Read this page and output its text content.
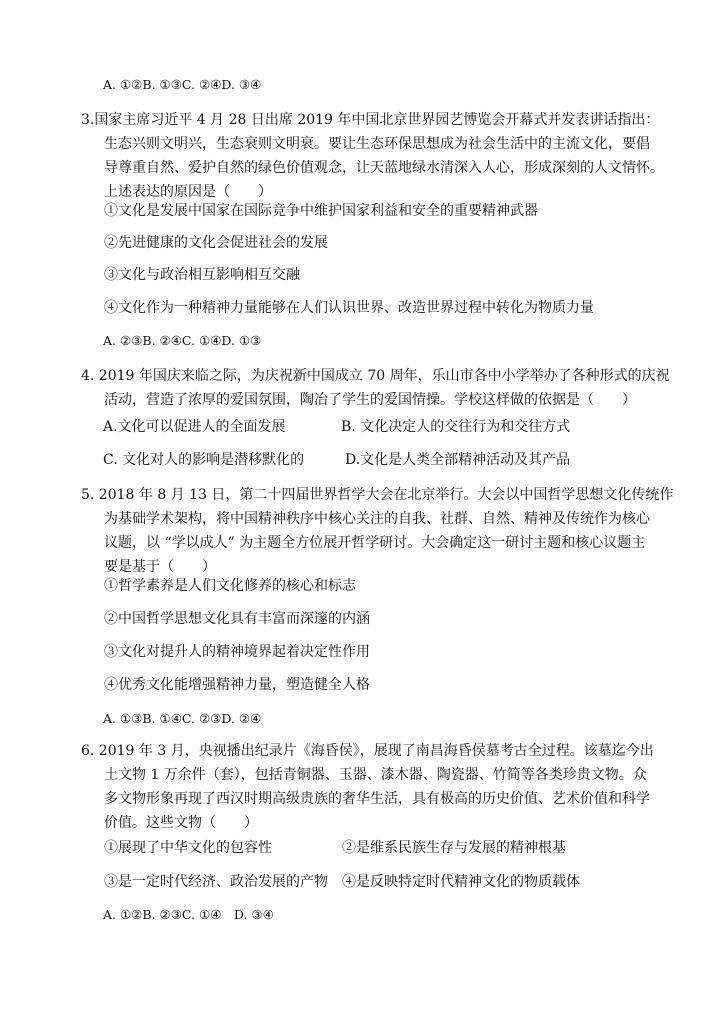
A. ①②B. ①③C. ②④D. ③④
3.国家主席习近平 4 月 28 日出席 2019 年中国北京世界园艺博览会开幕式并发表讲话指出：
生态兴则文明兴，生态衰则文明衰。要让生态环保思想成为社会生活中的主流文化，要倡
导尊重自然、爱护自然的绿色价值观念，让天蓝地绿水清深入人心，形成深刻的人文情怀。
上述表达的原因是（　　）
①文化是发展中国家在国际竞争中维护国家利益和安全的重要精神武器
②先进健康的文化会促进社会的发展
③文化与政治相互影响相互交融
④文化作为一种精神力量能够在人们认识世界、改造世界过程中转化为物质力量
A. ②③B. ②④C. ①④D. ①③
4. 2019 年国庆来临之际，为庆祝新中国成立 70 周年，乐山市各中小学举办了各种形式的庆祝
活动，营造了浓厚的爱国氛围，陶冶了学生的爱国情操。学校这样做的依据是（　　）
A.文化可以促进人的全面发展	B. 文化决定人的交往行为和交往方式
C. 文化对人的影响是潜移默化的	D.文化是人类全部精神活动及其产品
5. 2018 年 8 月 13 日，第二十四届世界哲学大会在北京举行。大会以中国哲学思想文化传统作
为基础学术架构，将中国精神秩序中核心关注的自我、社群、自然、精神及传统作为核心
议题，以 “学以成人” 为主题全方位展开哲学研讨。大会确定这一研讨主题和核心议题主
要是基于（　　）
①哲学素养是人们文化修养的核心和标志
②中国哲学思想文化具有丰富而深邃的内涵
③文化对提升人的精神境界起着决定性作用
④优秀文化能增强精神力量，塑造健全人格
A. ①③B. ①④C. ②③D. ②④
6. 2019 年 3 月，央视播出纪录片《海昏侯》，展现了南昌海昏侯墓考古全过程。该墓迄今出
土文物 1 万余件（套），包括青铜器、玉器、漆木器、陶瓷器、竹简等各类珍贵文物。众
多文物形象再现了西汉时期高级贵族的奢华生活，具有极高的历史价值、艺术价值和科学
价值。这些文物（　　）
①展现了中华文化的包容性	②是维系民族生存与发展的精神根基
③是一定时代经济、政治发展的产物 ④是反映特定时代精神文化的物质载体
A. ①②B. ②③C. ①④　D. ③④
